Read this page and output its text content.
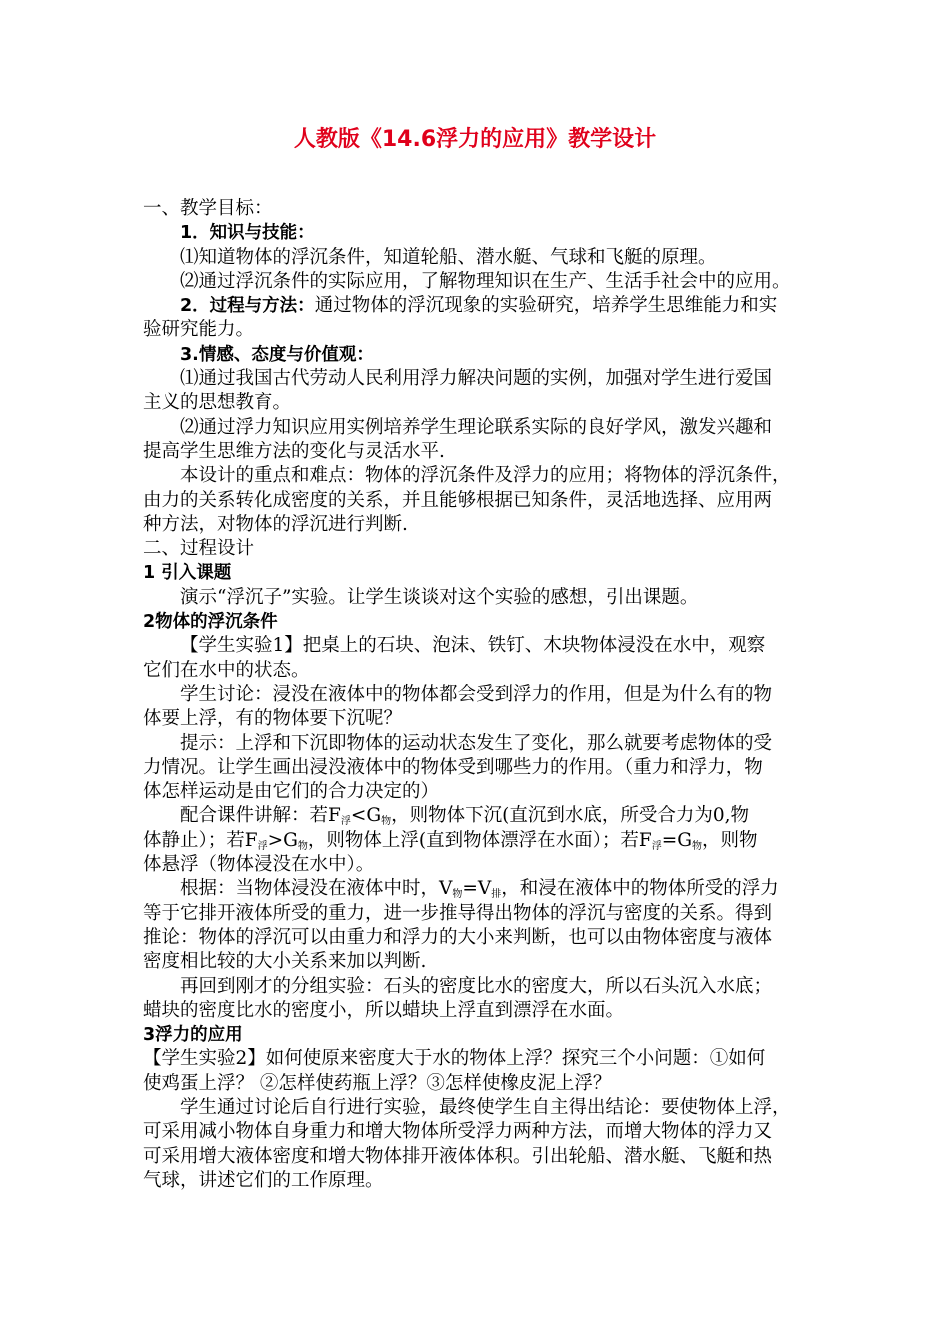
人教版《14.6浮力的应用》教学设计
一、教学目标：
1．知识与技能：
⑴知道物体的浮沉条件，知道轮船、潜水艇、气球和飞艇的原理。
⑵通过浮沉条件的实际应用，了解物理知识在生产、生活手社会中的应用。
2．过程与方法：通过物体的浮沉现象的实验研究，培养学生思维能力和实
验研究能力。
3.情感、态度与价值观：
⑴通过我国古代劳动人民利用浮力解决问题的实例，加强对学生进行爱国
主义的思想教育。
⑵通过浮力知识应用实例培养学生理论联系实际的良好学风，激发兴趣和
提高学生思维方法的变化与灵活水平.
本设计的重点和难点：物体的浮沉条件及浮力的应用；将物体的浮沉条件，
由力的关系转化成密度的关系，并且能够根据已知条件，灵活地选择、应用两
种方法，对物体的浮沉进行判断.
二、过程设计
1 引入课题
演示“浮沉子”实验。让学生谈谈对这个实验的感想，引出课题。
2物体的浮沉条件
【学生实验1】把桌上的石块、泡沫、铁钉、木块物体浸没在水中，观察
它们在水中的状态。
学生讨论：浸没在液体中的物体都会受到浮力的作用，但是为什么有的物
体要上浮，有的物体要下沉呢？
提示：上浮和下沉即物体的运动状态发生了变化，那么就要考虑物体的受
力情况。让学生画出浸没液体中的物体受到哪些力的作用。（重力和浮力，物
体怎样运动是由它们的合力决定的）
配合课件讲解：若$F_浮<G_物$，则物体下沉(直沉到水底，所受合力为0,物
体静止）；若$F_浮>G_物$，则物体上浮(直到物体漂浮在水面）；若$F_浮=G_物$，则物
体悬浮（物体浸没在水中）。
根据：当物体浸没在液体中时，$V_物=V_排$，和浸在液体中的物体所受的浮力
等于它排开液体所受的重力，进一步推导得出物体的浮沉与密度的关系。得到
推论：物体的浮沉可以由重力和浮力的大小来判断，也可以由物体密度与液体
密度相比较的大小关系来加以判断.
再回到刚才的分组实验：石头的密度比水的密度大，所以石头沉入水底；
蜡块的密度比水的密度小，所以蜡块上浮直到漂浮在水面。
3浮力的应用
【学生实验2】如何使原来密度大于水的物体上浮？探究三个小问题：①如何
使鸡蛋上浮？ ②怎样使药瓶上浮？③怎样使橡皮泥上浮？
学生通过讨论后自行进行实验，最终使学生自主得出结论：要使物体上浮，
可采用减小物体自身重力和增大物体所受浮力两种方法，而增大物体的浮力又
可采用增大液体密度和增大物体排开液体体积。引出轮船、潜水艇、飞艇和热
气球，讲述它们的工作原理。
